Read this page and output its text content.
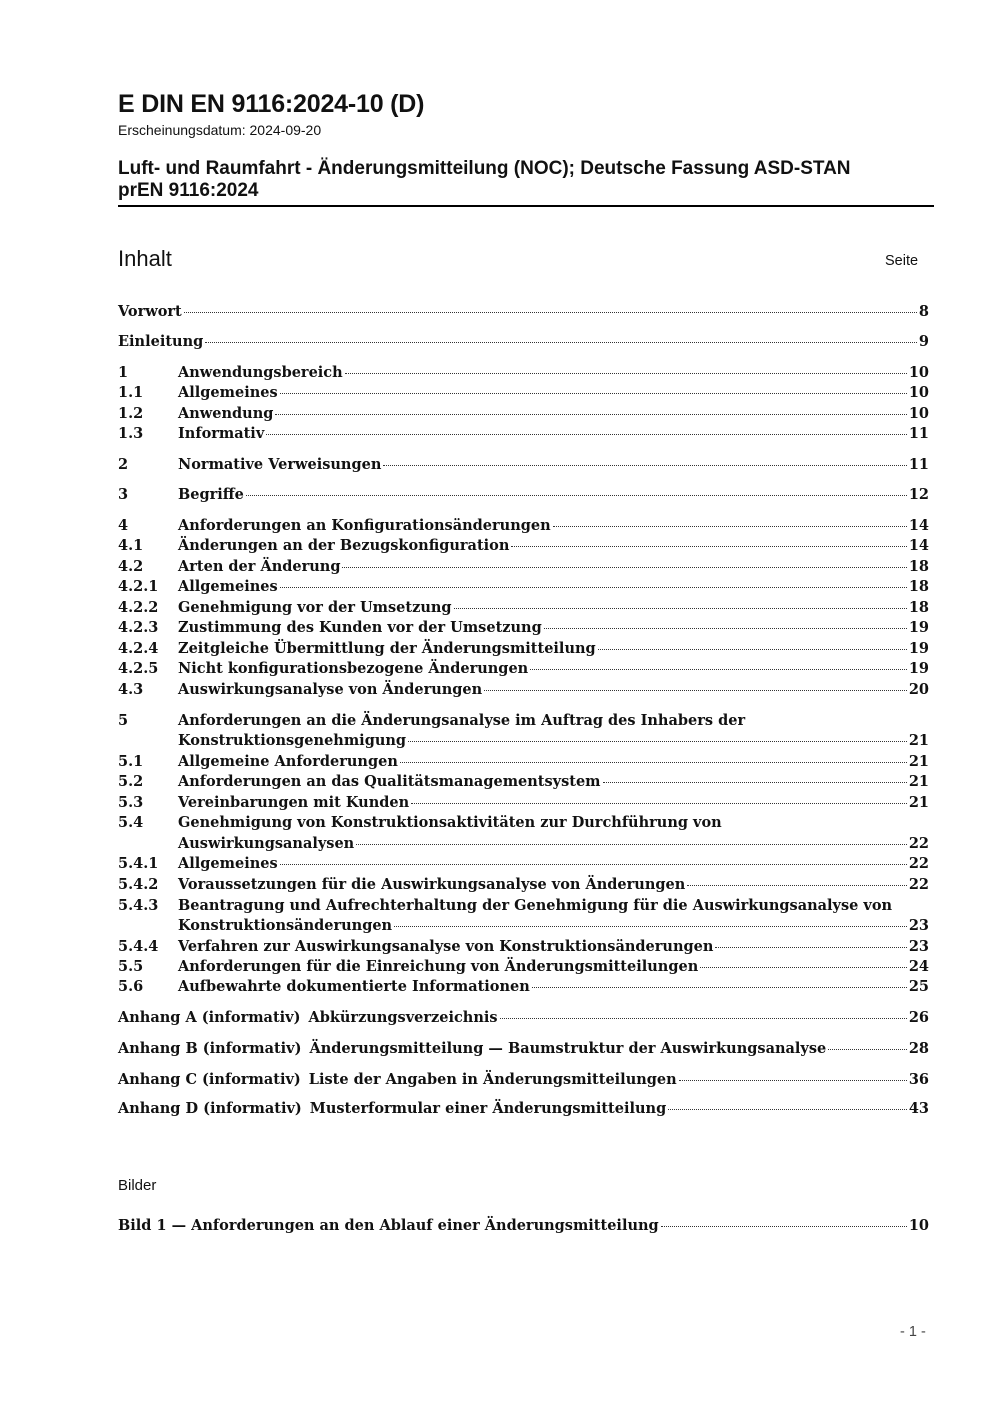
E DIN EN 9116:2024-10 (D)
Erscheinungsdatum: 2024-09-20
Luft- und Raumfahrt - Änderungsmitteilung (NOC); Deutsche Fassung ASD-STAN
prEN 9116:2024
Inhalt	Seite
Vorwort	8
Einleitung	9
1	Anwendungsbereich	10
1.1	Allgemeines	10
1.2	Anwendung	10
1.3	Informativ	11
2	Normative Verweisungen	11
3	Begriffe	12
4	Anforderungen an Konfigurationsänderungen	14
4.1	Änderungen an der Bezugskonfiguration	14
4.2	Arten der Änderung	18
4.2.1	Allgemeines	18
4.2.2	Genehmigung vor der Umsetzung	18
4.2.3	Zustimmung des Kunden vor der Umsetzung	19
4.2.4	Zeitgleiche Übermittlung der Änderungsmitteilung	19
4.2.5	Nicht konfigurationsbezogene Änderungen	19
4.3	Auswirkungsanalyse von Änderungen	20
5	Anforderungen an die Änderungsanalyse im Auftrag des Inhabers der
Konstruktionsgenehmigung	21
5.1	Allgemeine Anforderungen	21
5.2	Anforderungen an das Qualitätsmanagementsystem	21
5.3	Vereinbarungen mit Kunden	21
5.4 Genehmigung von Konstruktionsaktivitäten zur Durchführung von
Auswirkungsanalysen	22
5.4.1	Allgemeines	22
5.4.2	Voraussetzungen für die Auswirkungsanalyse von Änderungen	22
5.4.3 Beantragung und Aufrechterhaltung der Genehmigung für die Auswirkungsanalyse von
Konstruktionsänderungen	23
5.4.4	Verfahren zur Auswirkungsanalyse von Konstruktionsänderungen	23
5.5	Anforderungen für die Einreichung von Änderungsmitteilungen	24
5.6	Aufbewahrte dokumentierte Informationen	25
Anhang A (informativ) Abkürzungsverzeichnis	26
Anhang B (informativ) Änderungsmitteilung — Baumstruktur der Auswirkungsanalyse	28
Anhang C (informativ) Liste der Angaben in Änderungsmitteilungen	36
Anhang D (informativ) Musterformular einer Änderungsmitteilung	43
Bilder
Bild 1 — Anforderungen an den Ablauf einer Änderungsmitteilung	10
- 1 -
